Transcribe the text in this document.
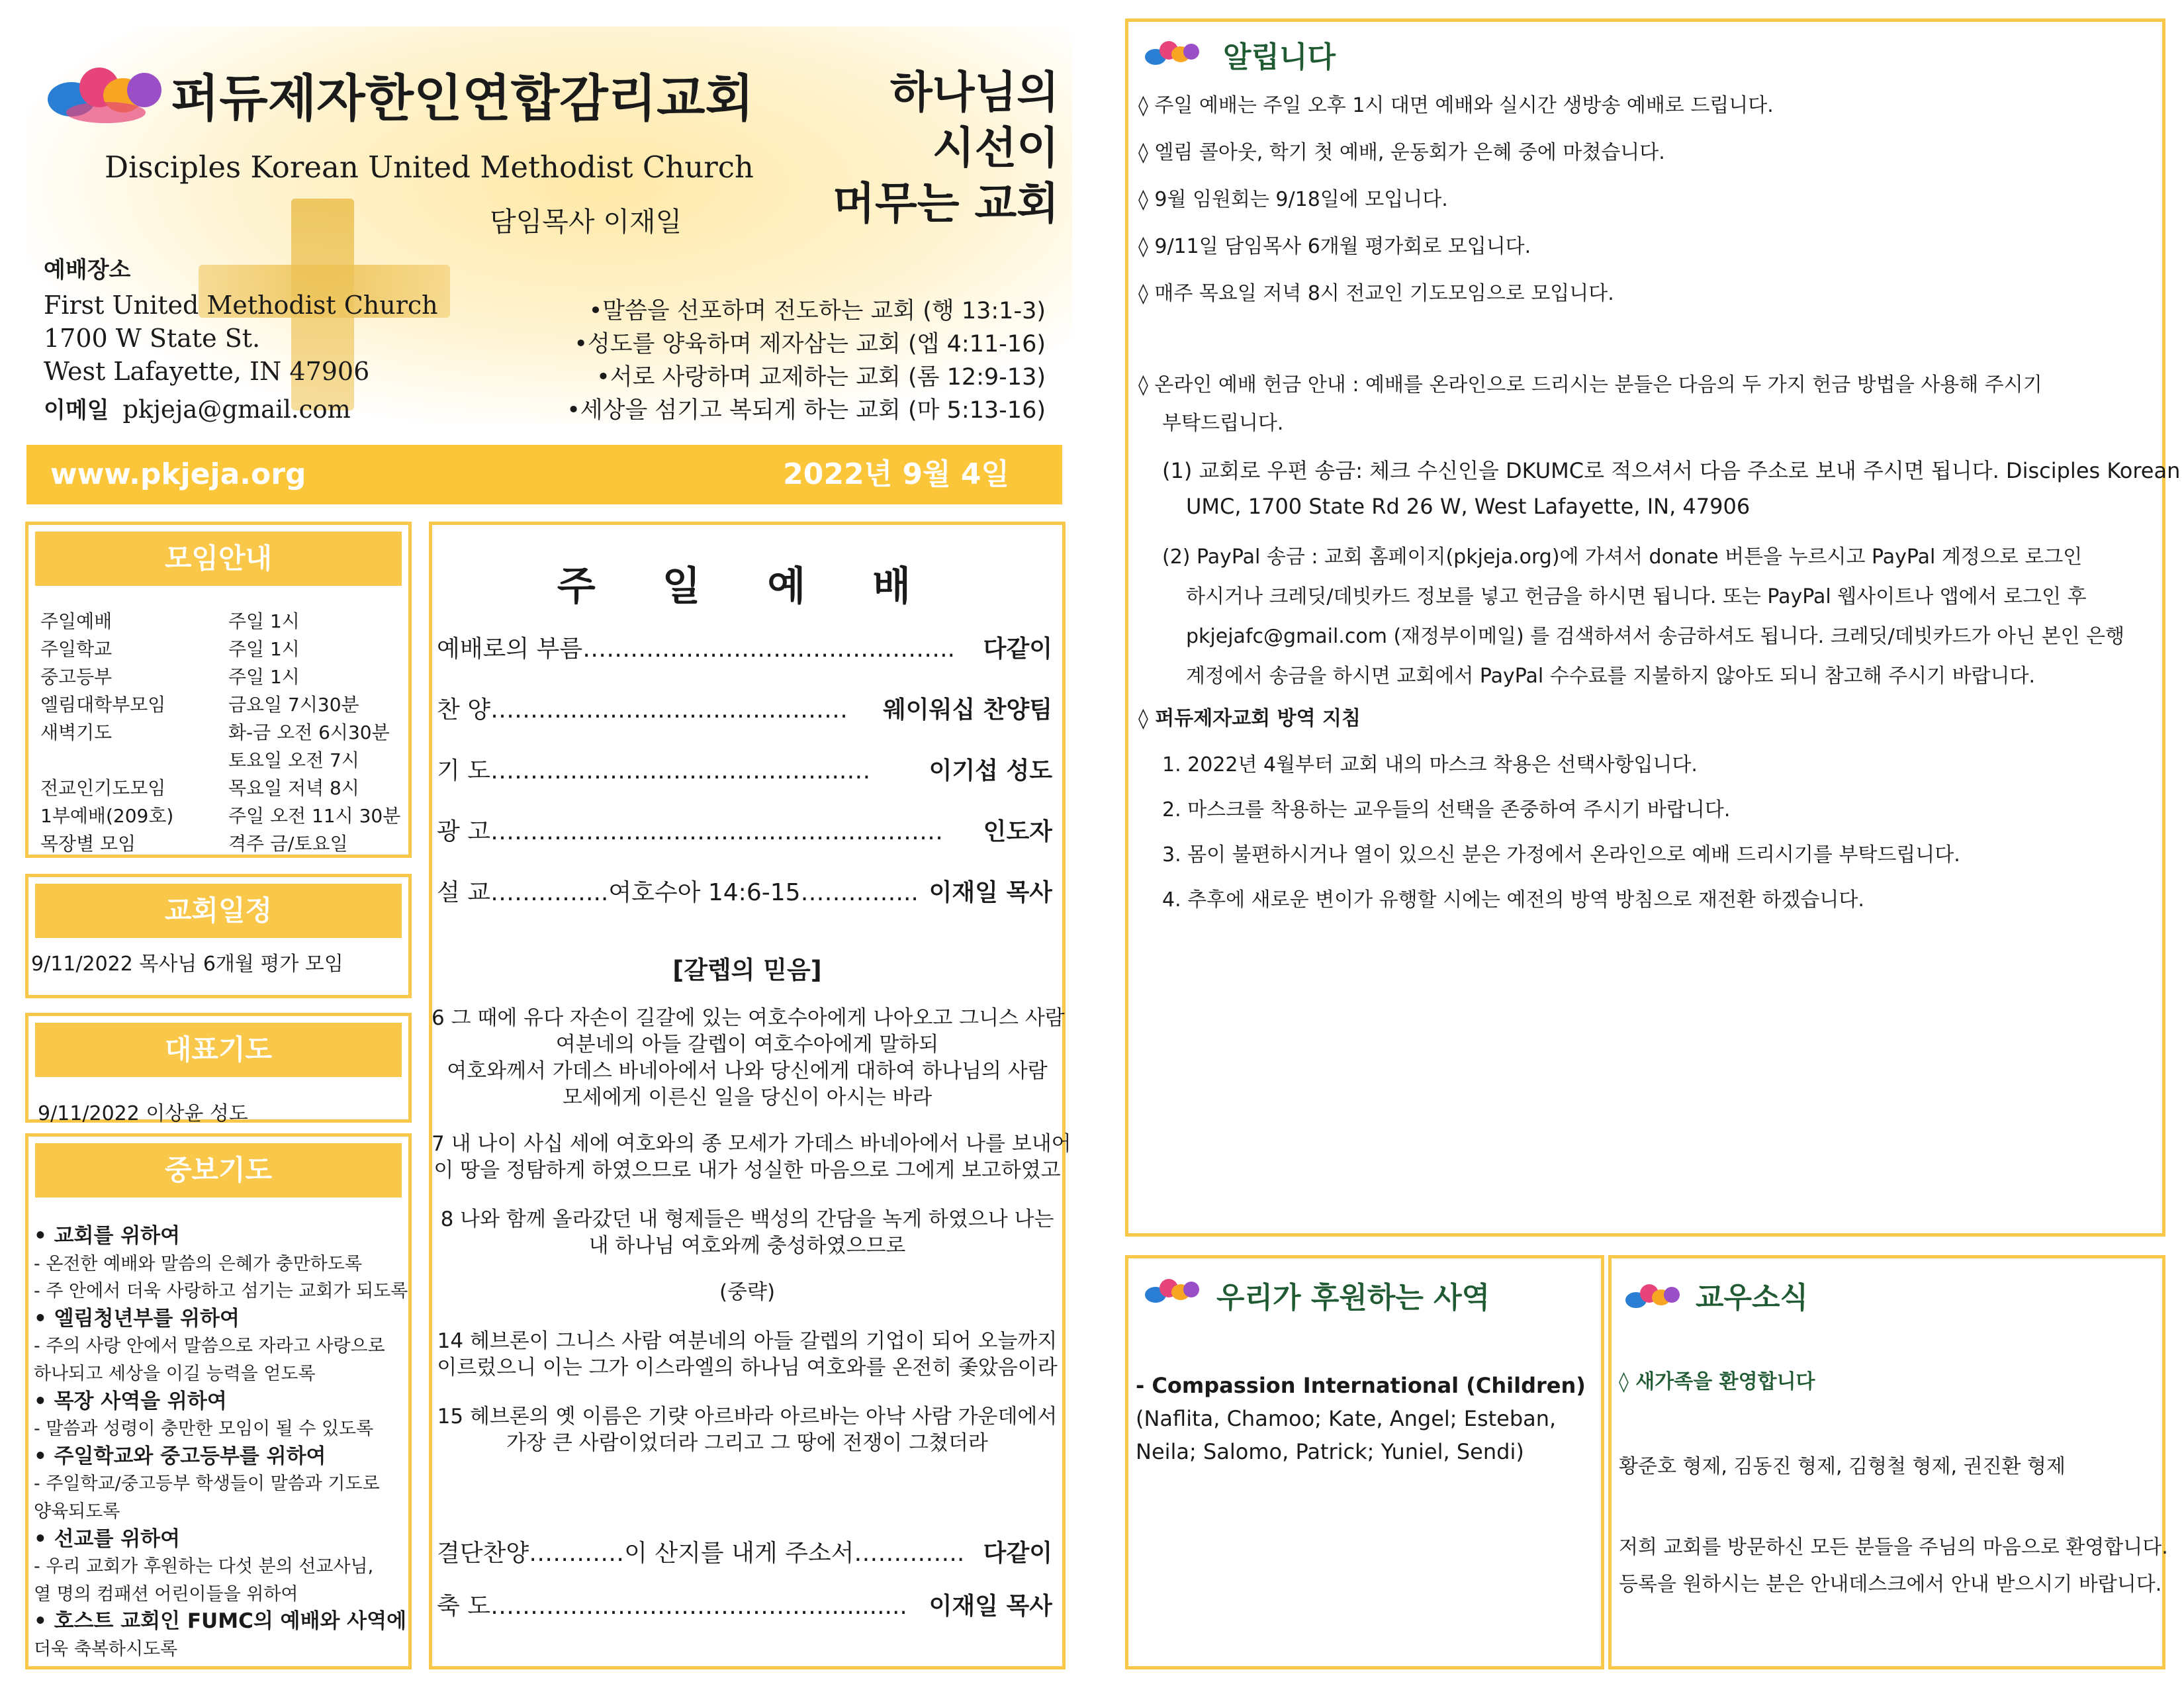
퍼듀제자한인연합감리교회
Disciples Korean United Methodist Church
담임목사 이재일
하나님의
시선이
머무는 교회
예배장소
First United Methodist Church
1700 W State St.
West Lafayette, IN 47906
이메일 pkjeja@gmail.com
•말씀을 선포하며 전도하는 교회 (행 13:1-3)
•성도를 양육하며 제자삼는 교회 (엡 4:11-16)
•서로 사랑하며 교제하는 교회 (롬 12:9-13)
•세상을 섬기고 복되게 하는 교회 (마 5:13-16)
www.pkjeja.org	2022년 9월 4일
모임안내
주일예배	주일 1시
주일학교	주일 1시
중고등부	주일 1시
엘림대학부모임	금요일 7시30분
새벽기도	화-금 오전 6시30분
토요일 오전 7시
전교인기도모임	목요일 저녁 8시
1부예배(209호)	주일 오전 11시 30분
목장별 모임	격주 금/토요일
교회일정
9/11/2022 목사님 6개월 평가 모임
대표기도
9/11/2022 이상윤 성도
중보기도
• 교회를 위하여
- 온전한 예배와 말씀의 은혜가 충만하도록
- 주 안에서 더욱 사랑하고 섬기는 교회가 되도록
• 엘림청년부를 위하여
- 주의 사랑 안에서 말씀으로 자라고 사랑으로
하나되고 세상을 이길 능력을 얻도록
• 목장 사역을 위하여
- 말씀과 성령이 충만한 모임이 될 수 있도록
• 주일학교와 중고등부를 위하여
- 주일학교/중고등부 학생들이 말씀과 기도로
양육되도록
• 선교를 위하여
- 우리 교회가 후원하는 다섯 분의 선교사님,
열 명의 컴패션 어린이들을 위하여
• 호스트 교회인 FUMC의 예배와 사역에
더욱 축복하시도록
주 일 예 배
예배로의 부름……………………………………….. 다같이
찬 양……………………………………… 웨이워십 찬양팀
기 도……………………………………...… 이기섭 성도
광 고………………………………………………… 인도자
설 교…………...여호수아 14:6-15…………... 이재일 목사
[갈렙의 믿음]

6 그 때에 유다 자손이 길갈에 있는 여호수아에게 나아오고 그니스 사람

여분네의 아들 갈렙이 여호수아에게 말하되

여호와께서 가데스 바네아에서 나와 당신에게 대하여 하나님의 사람

모세에게 이른신 일을 당신이 아시는 바라

7 내 나이 사십 세에 여호와의 종 모세가 가데스 바네아에서 나를 보내어

이 땅을 정탐하게 하였으므로 내가 성실한 마음으로 그에게 보고하였고

8 나와 함께 올라갔던 내 형제들은 백성의 간담을 녹게 하였으나 나는

내 하나님 여호와께 충성하였으므로

(중략)

14 헤브론이 그니스 사람 여분네의 아들 갈렙의 기업이 되어 오늘까지

이르렀으니 이는 그가 이스라엘의 하나님 여호와를 온전히 좇았음이라

15 헤브론의 옛 이름은 기럇 아르바라 아르바는 아낙 사람 가운데에서

가장 큰 사람이었더라 그리고 그 땅에 전쟁이 그쳤더라

결단찬양…………이 산지를 내게 주소서………….. 다같이
축 도……………………………………........... 이재일 목사
알립니다
◊ 주일 예배는 주일 오후 1시 대면 예배와 실시간 생방송 예배로 드립니다.
◊ 엘림 콜아웃, 학기 첫 예배, 운동회가 은혜 중에 마쳤습니다.
◊ 9월 임원회는 9/18일에 모입니다.
◊ 9/11일 담임목사 6개월 평가회로 모입니다.
◊ 매주 목요일 저녁 8시 전교인 기도모임으로 모입니다.
◊ 온라인 예배 헌금 안내 : 예배를 온라인으로 드리시는 분들은 다음의 두 가지 헌금 방법을 사용해 주시기
부탁드립니다.
(1) 교회로 우편 송금: 체크 수신인을 DKUMC로 적으셔서 다음 주소로 보내 주시면 됩니다. Disciples Korean
UMC, 1700 State Rd 26 W, West Lafayette, IN, 47906
(2) PayPal 송금 : 교회 홈페이지(pkjeja.org)에 가셔서 donate 버튼을 누르시고 PayPal 계정으로 로그인
하시거나 크레딧/데빗카드 정보를 넣고 헌금을 하시면 됩니다. 또는 PayPal 웹사이트나 앱에서 로그인 후
pkjejafc@gmail.com (재정부이메일) 를 검색하셔서 송금하셔도 됩니다. 크레딧/데빗카드가 아닌 본인 은행
계정에서 송금을 하시면 교회에서 PayPal 수수료를 지불하지 않아도 되니 참고해 주시기 바랍니다.
◊ 퍼듀제자교회 방역 지침
1. 2022년 4월부터 교회 내의 마스크 착용은 선택사항입니다.
2. 마스크를 착용하는 교우들의 선택을 존중하여 주시기 바랍니다.
3. 몸이 불편하시거나 열이 있으신 분은 가정에서 온라인으로 예배 드리시기를 부탁드립니다.
4. 추후에 새로운 변이가 유행할 시에는 예전의 방역 방침으로 재전환 하겠습니다.
우리가 후원하는 사역
- Compassion International (Children)
(Naflita, Chamoo; Kate, Angel; Esteban,
Neila; Salomo, Patrick; Yuniel, Sendi)
교우소식
◊ 새가족을 환영합니다
황준호 형제, 김동진 형제, 김형철 형제, 권진환 형제
저희 교회를 방문하신 모든 분들을 주님의 마음으로 환영합니다.
등록을 원하시는 분은 안내데스크에서 안내 받으시기 바랍니다.
